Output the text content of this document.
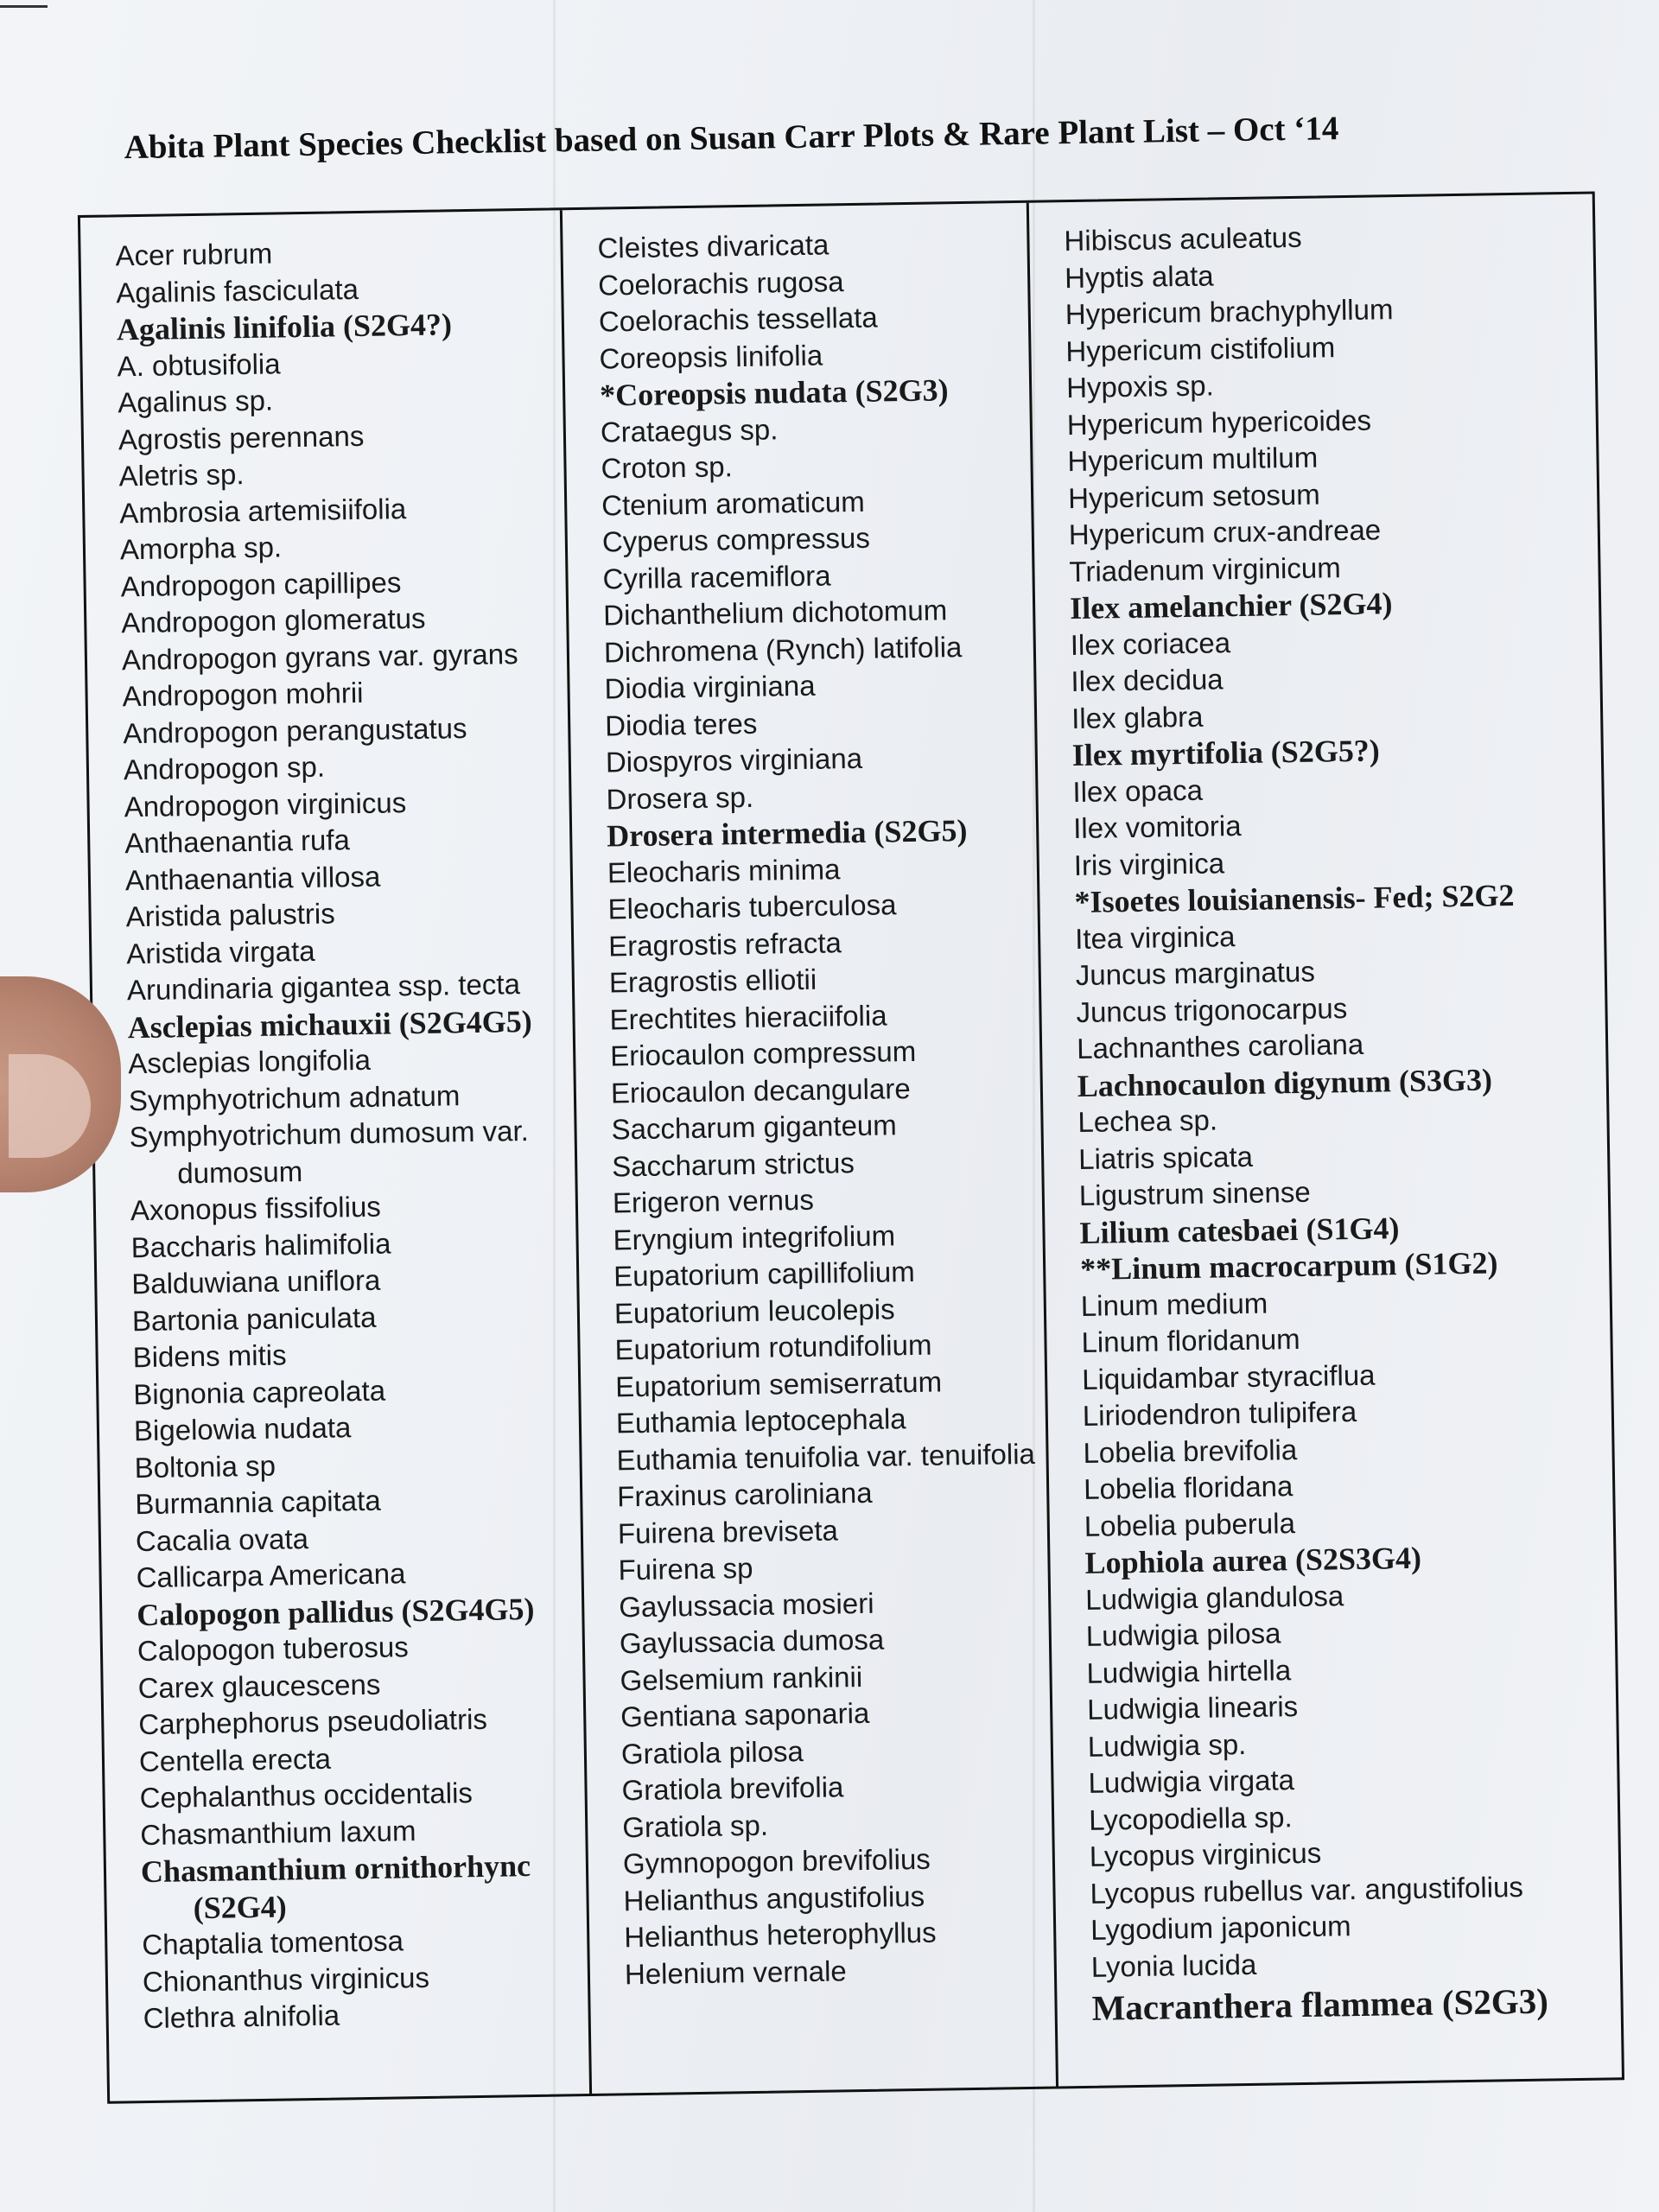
Abita Plant Species Checklist based on Susan Carr Plots & Rare Plant List – Oct ‘14
Acer rubrum
Agalinis fasciculata
Agalinis linifolia (S2G4?)
A. obtusifolia
Agalinus sp.
Agrostis perennans
Aletris sp.
Ambrosia artemisiifolia
Amorpha sp.
Andropogon capillipes
Andropogon glomeratus
Andropogon gyrans var. gyrans
Andropogon mohrii
Andropogon perangustatus
Andropogon sp.
Andropogon virginicus
Anthaenantia rufa
Anthaenantia villosa
Aristida palustris
Aristida virgata
Arundinaria gigantea ssp. tecta
Asclepias michauxii (S2G4G5)
Asclepias longifolia
Symphyotrichum adnatum
Symphyotrichum dumosum var.
dumosum
Axonopus fissifolius
Baccharis halimifolia
Balduwiana uniflora
Bartonia paniculata
Bidens mitis
Bignonia capreolata
Bigelowia nudata
Boltonia sp
Burmannia capitata
Cacalia ovata
Callicarpa Americana
Calopogon pallidus (S2G4G5)
Calopogon tuberosus
Carex glaucescens
Carphephorus pseudoliatris
Centella erecta
Cephalanthus occidentalis
Chasmanthium laxum
Chasmanthium ornithorhync
(S2G4)
Chaptalia tomentosa
Chionanthus virginicus
Clethra alnifolia
Cleistes divaricata
Coelorachis rugosa
Coelorachis tessellata
Coreopsis linifolia
*Coreopsis nudata (S2G3)
Crataegus sp.
Croton sp.
Ctenium aromaticum
Cyperus compressus
Cyrilla racemiflora
Dichanthelium dichotomum
Dichromena (Rynch) latifolia
Diodia virginiana
Diodia teres
Diospyros virginiana
Drosera sp.
Drosera intermedia (S2G5)
Eleocharis minima
Eleocharis tuberculosa
Eragrostis refracta
Eragrostis elliotii
Erechtites hieraciifolia
Eriocaulon compressum
Eriocaulon decangulare
Saccharum giganteum
Saccharum strictus
Erigeron vernus
Eryngium integrifolium
Eupatorium capillifolium
Eupatorium leucolepis
Eupatorium rotundifolium
Eupatorium semiserratum
Euthamia leptocephala
Euthamia tenuifolia var. tenuifolia
Fraxinus caroliniana
Fuirena breviseta
Fuirena sp
Gaylussacia mosieri
Gaylussacia dumosa
Gelsemium rankinii
Gentiana saponaria
Gratiola pilosa
Gratiola brevifolia
Gratiola sp.
Gymnopogon brevifolius
Helianthus angustifolius
Helianthus heterophyllus
Helenium vernale
Hibiscus aculeatus
Hyptis alata
Hypericum brachyphyllum
Hypericum cistifolium
Hypoxis sp.
Hypericum hypericoides
Hypericum multilum
Hypericum setosum
Hypericum crux-andreae
Triadenum virginicum
Ilex amelanchier (S2G4)
Ilex coriacea
Ilex decidua
Ilex glabra
Ilex myrtifolia (S2G5?)
Ilex opaca
Ilex vomitoria
Iris virginica
*Isoetes louisianensis- Fed; S2G2
Itea virginica
Juncus marginatus
Juncus trigonocarpus
Lachnanthes caroliana
Lachnocaulon digynum (S3G3)
Lechea sp.
Liatris spicata
Ligustrum sinense
Lilium catesbaei (S1G4)
**Linum macrocarpum (S1G2)
Linum medium
Linum floridanum
Liquidambar styraciflua
Liriodendron tulipifera
Lobelia brevifolia
Lobelia floridana
Lobelia puberula
Lophiola aurea (S2S3G4)
Ludwigia glandulosa
Ludwigia pilosa
Ludwigia hirtella
Ludwigia linearis
Ludwigia sp.
Ludwigia virgata
Lycopodiella sp.
Lycopus virginicus
Lycopus rubellus var. angustifolius
Lygodium japonicum
Lyonia lucida
Macranthera flammea (S2G3)
